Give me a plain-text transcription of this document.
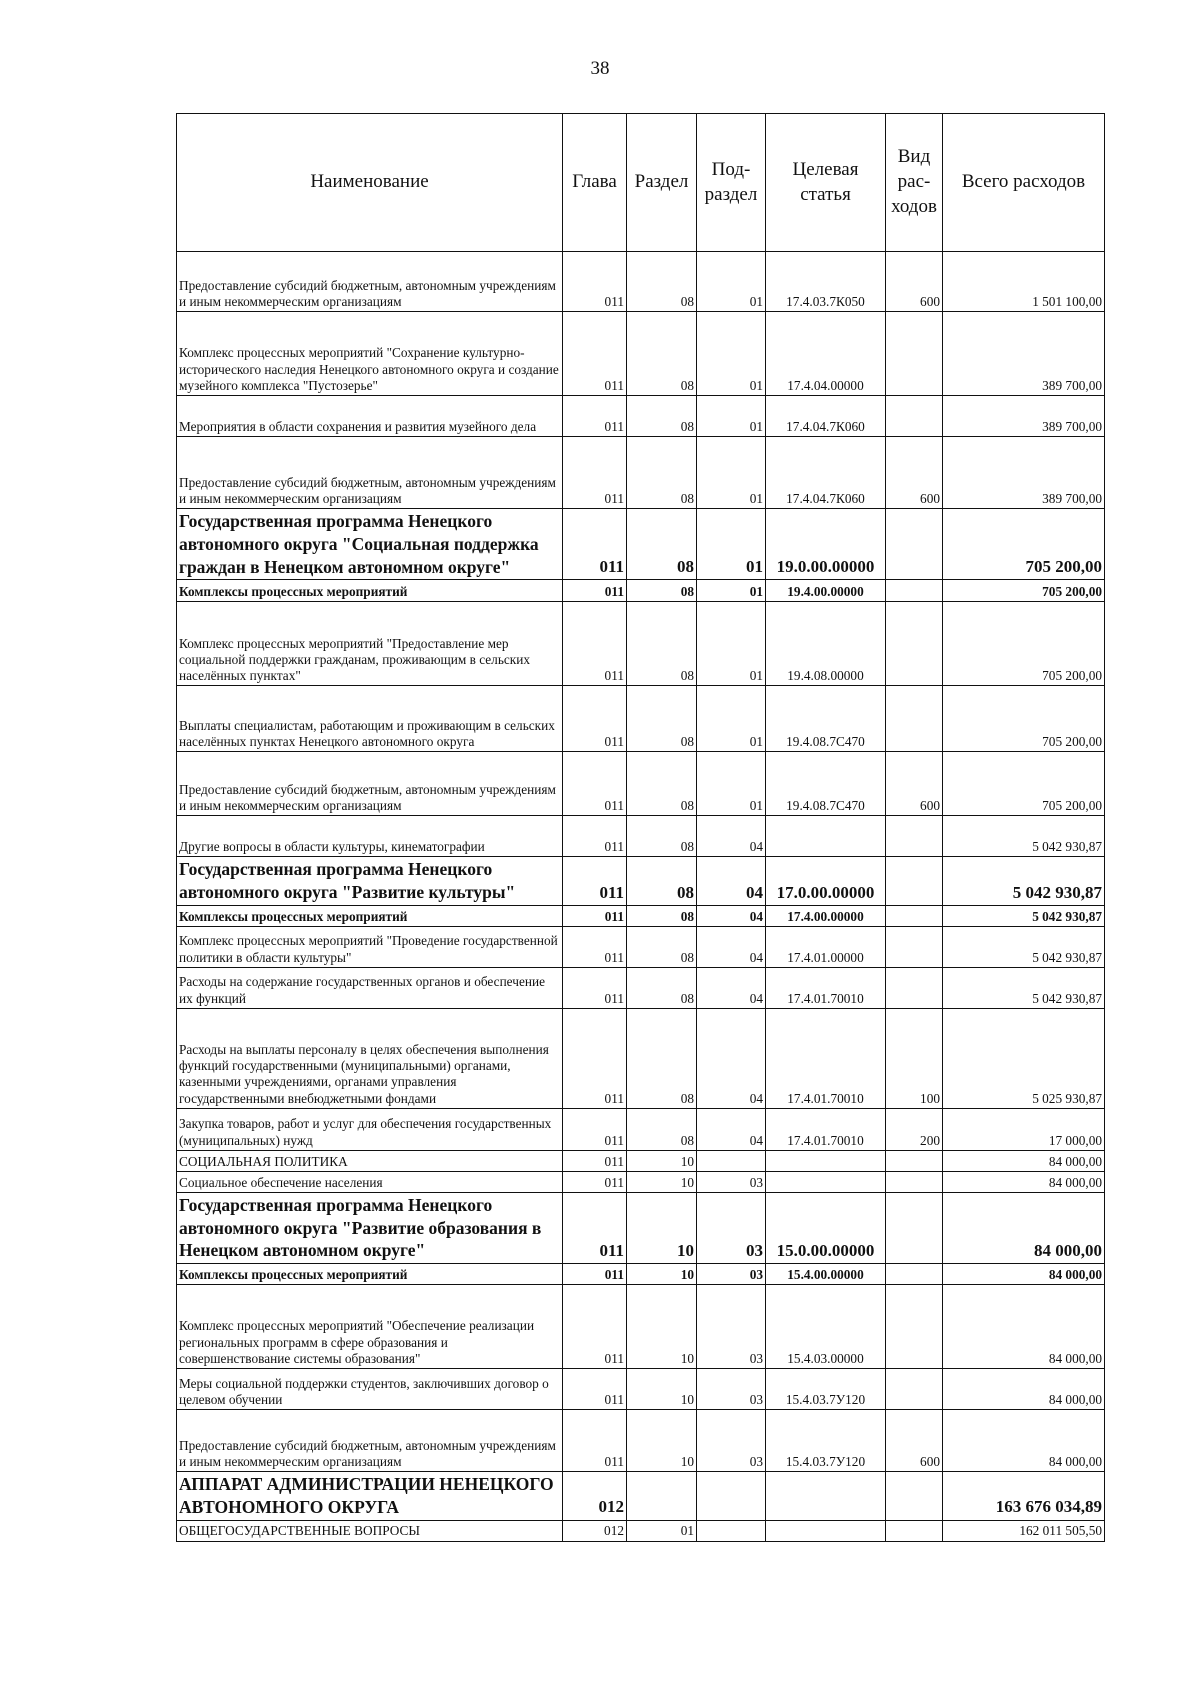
38
Наименование	Глава	Раздел	Под-раздел	Целевая статья	Вид рас-ходов	Всего расходов
Предоставление субсидий бюджетным, автономным учреждениям и иным некоммерческим организациям	011	08	01	17.4.03.7К050	600	1 501 100,00
Комплекс процессных мероприятий "Сохранение культурно-исторического наследия Ненецкого автономного округа и создание музейного комплекса "Пустозерье"	011	08	01	17.4.04.00000		389 700,00
Мероприятия в области сохранения и развития музейного дела	011	08	01	17.4.04.7К060		389 700,00
Предоставление субсидий бюджетным, автономным учреждениям и иным некоммерческим организациям	011	08	01	17.4.04.7К060	600	389 700,00
Государственная программа Ненецкого автономного округа "Социальная поддержка граждан в Ненецком автономном округе"	011	08	01	19.0.00.00000		705 200,00
Комплексы процессных мероприятий	011	08	01	19.4.00.00000		705 200,00
Комплекс процессных мероприятий "Предоставление мер социальной поддержки гражданам, проживающим в сельских населённых пунктах"	011	08	01	19.4.08.00000		705 200,00
Выплаты специалистам, работающим и проживающим в сельских населённых пунктах Ненецкого автономного округа	011	08	01	19.4.08.7С470		705 200,00
Предоставление субсидий бюджетным, автономным учреждениям и иным некоммерческим организациям	011	08	01	19.4.08.7С470	600	705 200,00
Другие вопросы в области культуры, кинематографии	011	08	04			5 042 930,87
Государственная программа Ненецкого автономного округа "Развитие культуры"	011	08	04	17.0.00.00000		5 042 930,87
Комплексы процессных мероприятий	011	08	04	17.4.00.00000		5 042 930,87
Комплекс процессных мероприятий "Проведение государственной политики в области культуры"	011	08	04	17.4.01.00000		5 042 930,87
Расходы на содержание государственных органов и обеспечение их функций	011	08	04	17.4.01.70010		5 042 930,87
Расходы на выплаты персоналу в целях обеспечения выполнения функций государственными (муниципальными) органами, казенными учреждениями, органами управления государственными внебюджетными фондами	011	08	04	17.4.01.70010	100	5 025 930,87
Закупка товаров, работ и услуг для обеспечения государственных (муниципальных) нужд	011	08	04	17.4.01.70010	200	17 000,00
СОЦИАЛЬНАЯ ПОЛИТИКА	011	10				84 000,00
Социальное обеспечение населения	011	10	03			84 000,00
Государственная программа Ненецкого автономного округа "Развитие образования в Ненецком автономном округе"	011	10	03	15.0.00.00000		84 000,00
Комплексы процессных мероприятий	011	10	03	15.4.00.00000		84 000,00
Комплекс процессных мероприятий "Обеспечение реализации региональных программ в сфере образования и совершенствование системы образования"	011	10	03	15.4.03.00000		84 000,00
Меры социальной поддержки студентов, заключивших договор о целевом обучении	011	10	03	15.4.03.7У120		84 000,00
Предоставление субсидий бюджетным, автономным учреждениям и иным некоммерческим организациям	011	10	03	15.4.03.7У120	600	84 000,00
АППАРАТ АДМИНИСТРАЦИИ НЕНЕЦКОГО АВТОНОМНОГО ОКРУГА	012					163 676 034,89
ОБЩЕГОСУДАРСТВЕННЫЕ ВОПРОСЫ	012	01				162 011 505,50
